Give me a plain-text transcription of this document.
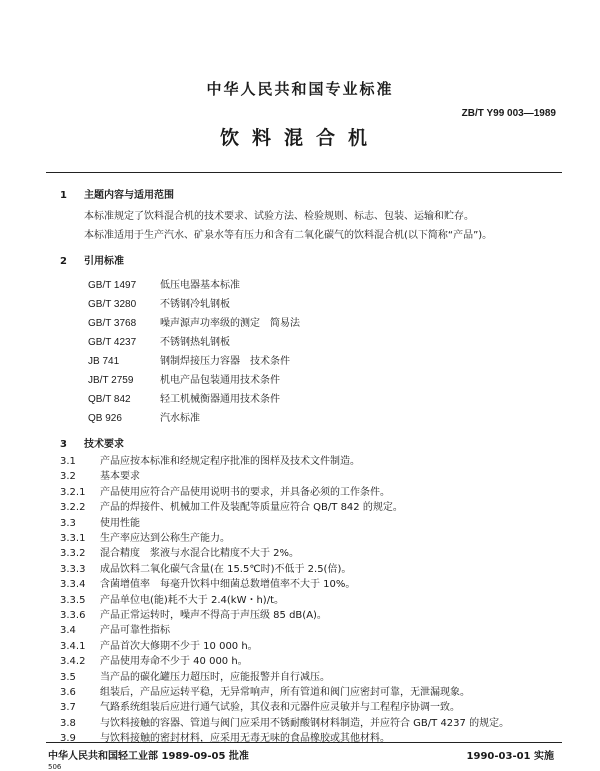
中华人民共和国专业标准
ZB/T Y99 003—1989
饮料混合机
1 主题内容与适用范围
本标准规定了饮料混合机的技术要求、试验方法、检验规则、标志、包装、运输和贮存。
本标准适用于生产汽水、矿泉水等有压力和含有二氧化碳气的饮料混合机(以下简称“产品”)。
2 引用标准
GB/T 1497 低压电器基本标准
GB/T 3280 不锈钢冷轧钢板
GB/T 3768 噪声源声功率级的测定　简易法
GB/T 4237 不锈钢热轧钢板
JB 741	钢制焊接压力容器　技术条件
JB/T 2759	机电产品包装通用技术条件
QB/T 842	轻工机械衡器通用技术条件
QB 926	汽水标准
3 技术要求
3.1 产品应按本标准和经规定程序批准的图样及技术文件制造。
3.2 基本要求
3.2.1 产品使用应符合产品使用说明书的要求，并具备必须的工作条件。
3.2.2 产品的焊接件、机械加工件及装配等质量应符合 QB/T 842 的规定。
3.3 使用性能
3.3.1 生产率应达到公称生产能力。
3.3.2 混合精度　浆液与水混合比精度不大于 2%。
3.3.3 成品饮料二氧化碳气含量(在 15.5℃时)不低于 2.5(倍)。
3.3.4 含菌增值率　每毫升饮料中细菌总数增值率不大于 10%。
3.3.5 产品单位电(能)耗不大于 2.4(kW・h)/t。
3.3.6 产品正常运转时，噪声不得高于声压级 85 dB(A)。
3.4 产品可靠性指标
3.4.1 产品首次大修期不少于 10 000 h。
3.4.2 产品使用寿命不少于 40 000 h。
3.5 当产品的碳化罐压力超压时，应能报警并自行减压。
3.6 组装后，产品应运转平稳，无异常响声，所有管道和阀门应密封可靠，无泄漏现象。
3.7 气路系统组装后应进行通气试验，其仪表和元器件应灵敏并与工程程序协调一致。
3.8 与饮料接触的容器、管道与阀门应采用不锈耐酸钢材料制造，并应符合 GB/T 4237 的规定。
3.9 与饮料接触的密封材料，应采用无毒无味的食品橡胶或其他材料。
中华人民共和国轻工业部 1989-09-05 批准	1990-03-01 实施
506
